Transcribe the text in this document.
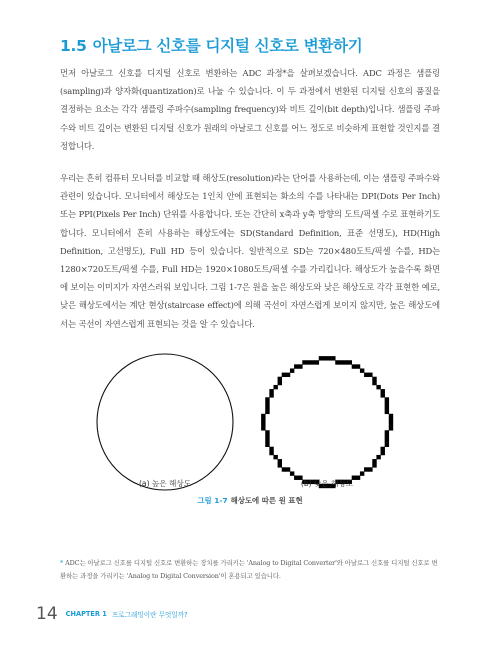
1.5 아날로그 신호를 디지털 신호로 변환하기

먼저 아날로그 신호를 디지털 신호로 변환하는 ADC 과정*을 살펴보겠습니다. ADC 과정은 샘플링(sampling)과 양자화(quantization)로 나눌 수 있습니다. 이 두 과정에서 변환된 디지털 신호의 품질을 결정하는 요소는 각각 샘플링 주파수(sampling frequency)와 비트 깊이(bit depth)입니다. 샘플링 주파수와 비트 깊이는 변환된 디지털 신호가 원래의 아날로그 신호를 어느 정도로 비슷하게 표현할 것인지를 결정합니다.

우리는 흔히 컴퓨터 모니터를 비교할 때 해상도(resolution)라는 단어를 사용하는데, 이는 샘플링 주파수와 관련이 있습니다. 모니터에서 해상도는 1인치 안에 표현되는 화소의 수를 나타내는 DPI(Dots Per Inch) 또는 PPI(Pixels Per Inch) 단위를 사용합니다. 또는 간단히 x축과 y축 방향의 도트/픽셀 수로 표현하기도 합니다. 모니터에서 흔히 사용하는 해상도에는 SD(Standard Definition, 표준 선명도), HD(High Definition, 고선명도), Full HD 등이 있습니다. 일반적으로 SD는 720×480도트/픽셀 수를, HD는 1280×720도트/픽셀 수를, Full HD는 1920×1080도트/픽셀 수를 가리킵니다. 해상도가 높을수록 화면에 보이는 이미지가 자연스러워 보입니다. 그림 1-7은 원을 높은 해상도와 낮은 해상도로 각각 표현한 예로, 낮은 해상도에서는 계단 현상(staircase effect)에 의해 곡선이 자연스럽게 보이지 않지만, 높은 해상도에서는 곡선이 자연스럽게 표현되는 것을 알 수 있습니다.

(a) 높은 해상도	(b) 낮은 해상도
그림 1-7 해상도에 따른 원 표현

* ADC는 아날로그 신호를 디지털 신호로 변환하는 장치를 가리키는 'Analog to Digital Converter'와 아날로그 신호를 디지털 신호로 변환하는 과정을 가리키는 'Analog to Digital Conversion'이 혼용되고 있습니다.

14 CHAPTER 1 프로그래밍이란 무엇일까?
